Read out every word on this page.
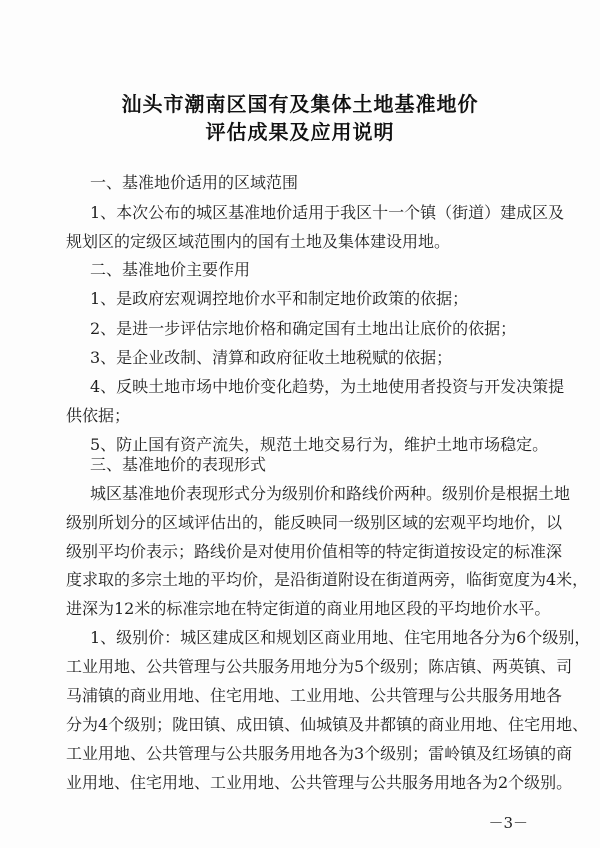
汕头市潮南区国有及集体土地基准地价
评估成果及应用说明
一、基准地价适用的区域范围
1、本次公布的城区基准地价适用于我区十一个镇（街道）建成区及
规划区的定级区域范围内的国有土地及集体建设用地。
二、基准地价主要作用
1、是政府宏观调控地价水平和制定地价政策的依据；
2、是进一步评估宗地价格和确定国有土地出让底价的依据；
3、是企业改制、清算和政府征收土地税赋的依据；
4、反映土地市场中地价变化趋势，为土地使用者投资与开发决策提
供依据；
5、防止国有资产流失，规范土地交易行为，维护土地市场稳定。
三、基准地价的表现形式
城区基准地价表现形式分为级别价和路线价两种。级别价是根据土地
级别所划分的区域评估出的，能反映同一级别区域的宏观平均地价，以
级别平均价表示；路线价是对使用价值相等的特定街道按设定的标准深
度求取的多宗土地的平均价，是沿街道附设在街道两旁，临街宽度为4米，
进深为12米的标准宗地在特定街道的商业用地区段的平均地价水平。
1、级别价：城区建成区和规划区商业用地、住宅用地各分为6个级别，
工业用地、公共管理与公共服务用地分为5个级别；陈店镇、两英镇、司
马浦镇的商业用地、住宅用地、工业用地、公共管理与公共服务用地各
分为4个级别；陇田镇、成田镇、仙城镇及井都镇的商业用地、住宅用地、
工业用地、公共管理与公共服务用地各为3个级别；雷岭镇及红场镇的商
业用地、住宅用地、工业用地、公共管理与公共服务用地各为2个级别。
－3－
